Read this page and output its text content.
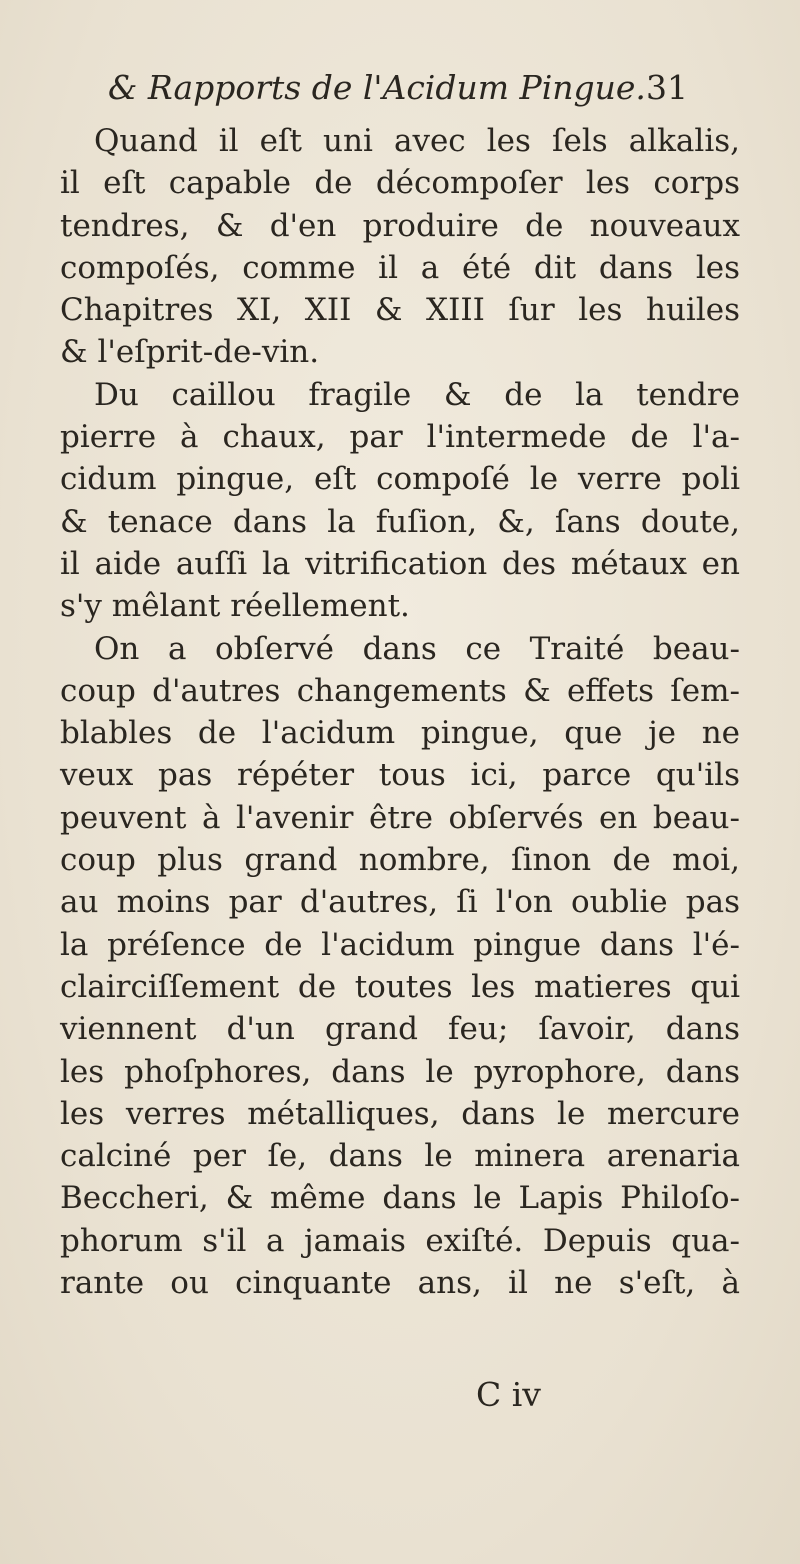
& Rapports de l'Acidum Pingue. 31
Quand il eſt uni avec les ſels alkalis,
il eſt capable de décompoſer les corps
tendres, & d'en produire de nouveaux
compoſés, comme il a été dit dans les
Chapitres XI, XII & XIII ſur les huiles
& l'eſprit-de-vin.
Du caillou fragile & de la tendre
pierre à chaux, par l'intermede de l'a-
cidum pingue, eſt compoſé le verre poli
& tenace dans la fuſion, &, ſans doute,
il aide auſſi la vitrification des métaux en
s'y mêlant réellement.
On a obſervé dans ce Traité beau-
coup d'autres changements & effets ſem-
blables de l'acidum pingue, que je ne
veux pas répéter tous ici, parce qu'ils
peuvent à l'avenir être obſervés en beau-
coup plus grand nombre, ſinon de moi,
au moins par d'autres, ſi l'on oublie pas
la préſence de l'acidum pingue dans l'é-
clairciſſement de toutes les matieres qui
viennent d'un grand feu; ſavoir, dans
les phoſphores, dans le pyrophore, dans
les verres métalliques, dans le mercure
calciné per ſe, dans le minera arenaria
Beccheri, & même dans le Lapis Philoſo-
phorum s'il a jamais exiſté. Depuis qua-
rante ou cinquante ans, il ne s'eſt, à
C iv
